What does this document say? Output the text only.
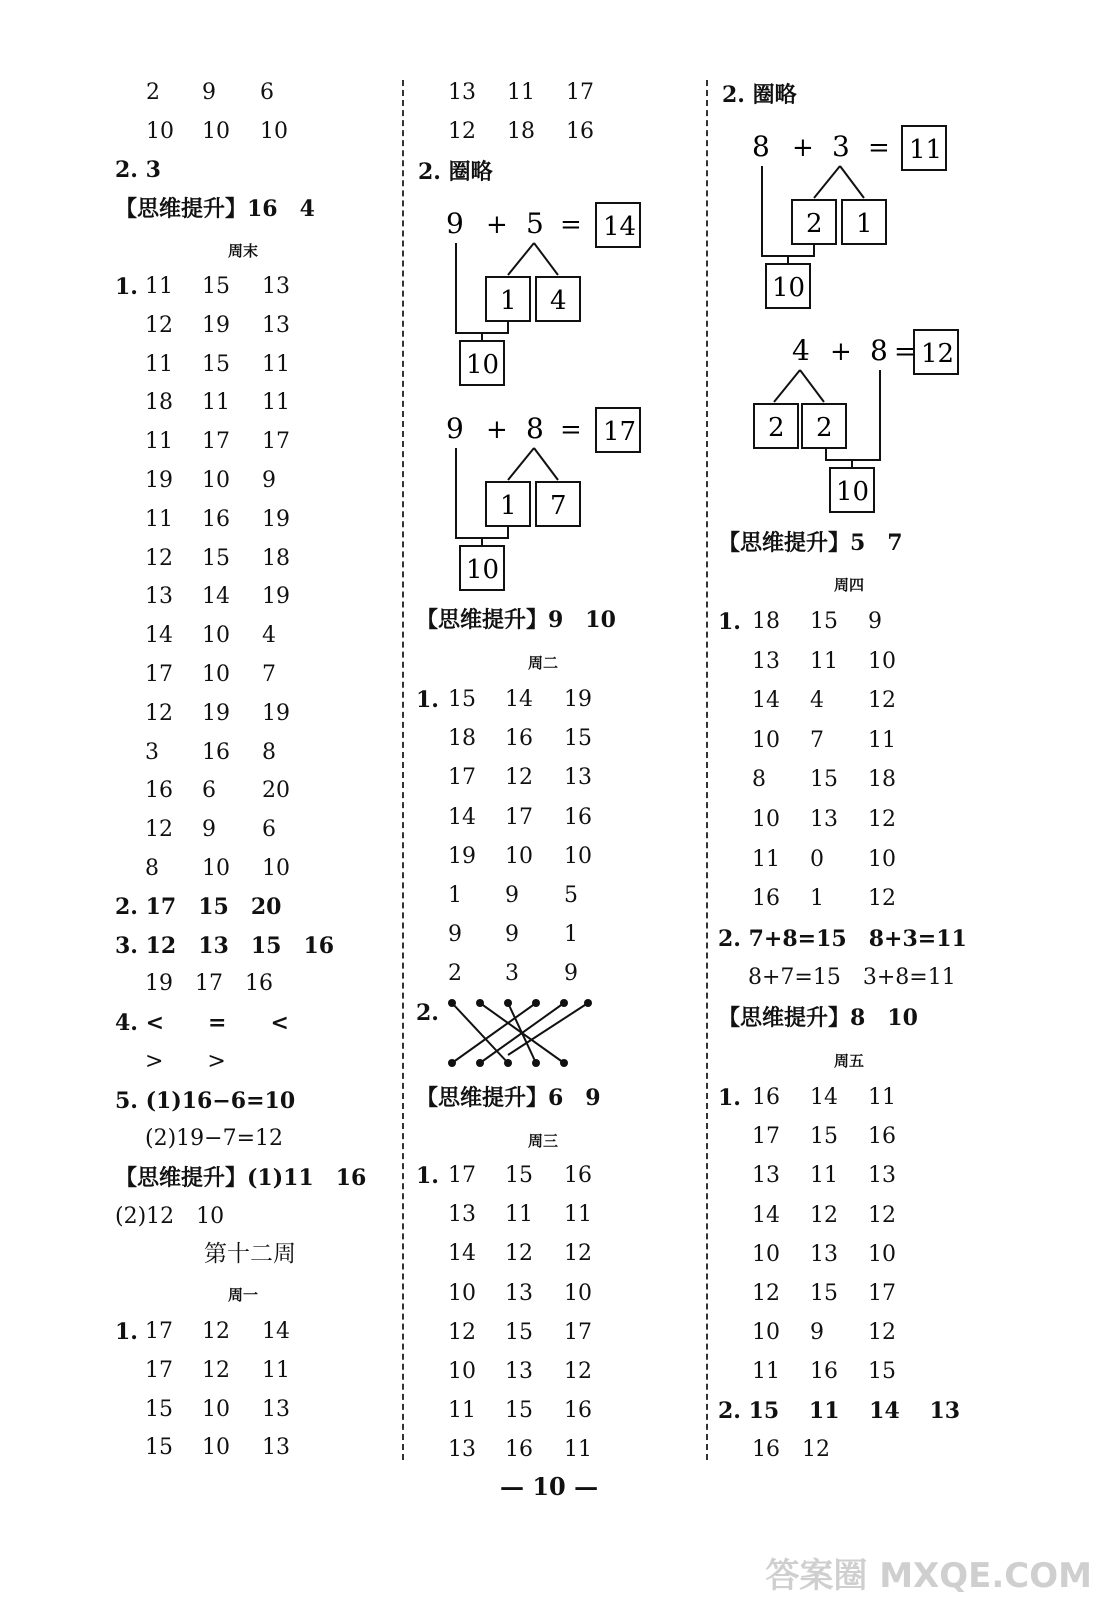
2 9 6
10 10 10
2. 3
【思维提升】16　4
周末
1. 11 15 13
12 19 13
11 15 11
18 11 11
11 17 17
19 10 9
11 16 19
12 15 18
13 14 19
14 10 4
17 10 7
12 19 19
3 16 8
16 6 20
12 9 6
8 10 10
2. 17　15　20
3. 12　13　15　16
19　17　16
4. <　　=　　<
>　　>
5. (1)16−6=10
(2)19−7=12
【思维提升】(1)11　16
(2)12　10
第十二周
周一
1. 17 12 14
17 12 11
15 10 13
15 10 13
13 11 17
12 18 16
2. 圈略
【思维提升】9　10
周二
1. 15 14 19
18 16 15
17 12 13
14 17 16
19 10 10
1 9 5
9 9 1
2 3 9
2.
【思维提升】6　9
周三
1. 17 15 16
13 11 11
14 12 12
10 13 10
12 15 17
10 13 12
11 15 16
13 16 11
9 + 5 = 14
1 4
10
9 + 8 = 17
1 7
10
2. 圈略
【思维提升】5　7
周四
1. 18 15 9
13 11 10
14 4 12
10 7 11
8 15 18
10 13 12
11 0 10
16 1 12
2. 7+8=15　8+3=11
8+7=15　3+8=11
【思维提升】8　10
周五
1. 16 14 11
17 15 16
13 11 13
14 12 12
10 13 10
12 15 17
10 9 12
11 16 15
2. 15　 11　 14　 13
16　12
8 + 3 = 11
2 1
10
4 + 8 = 12
2 2
10
— 10 —
答案圈 MXQE.COM
